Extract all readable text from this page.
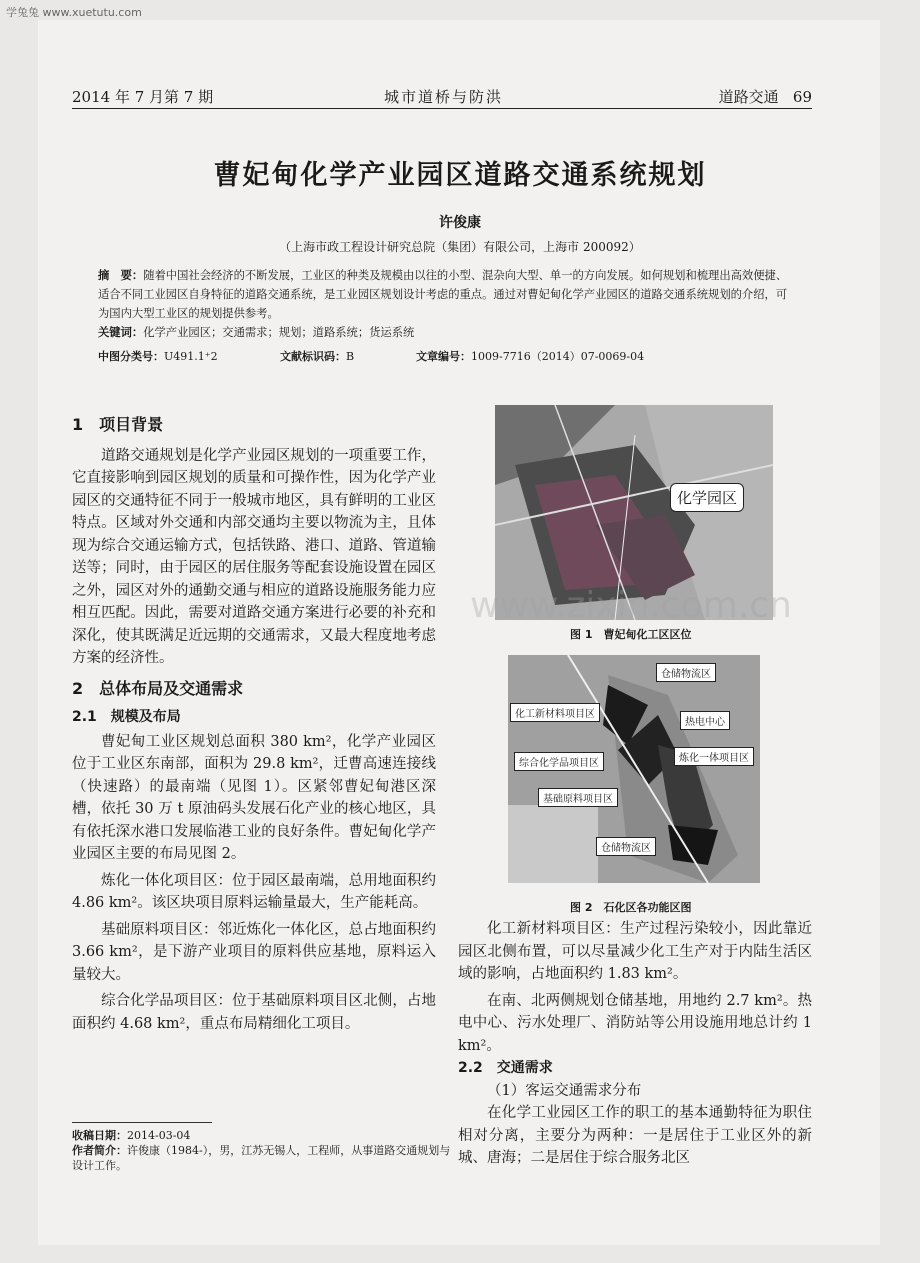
学兔兔 www.xuetutu.com
2014 年 7 月第 7 期	城市道桥与防洪	道路交通 69
曹妃甸化学产业园区道路交通系统规划
许俊康
（上海市政工程设计研究总院（集团）有限公司，上海市 200092）
摘　要：随着中国社会经济的不断发展，工业区的种类及规模由以往的小型、混杂向大型、单一的方向发展。如何规划和梳理出高效便捷、适合不同工业园区自身特征的道路交通系统，是工业园区规划设计考虑的重点。通过对曹妃甸化学产业园区的道路交通系统规划的介绍，可为国内大型工业区的规划提供参考。
关键词：化学产业园区；交通需求；规划；道路系统；货运系统
中图分类号：U491.1⁺2	文献标识码：B	文章编号：1009-7716（2014）07-0069-04
1　项目背景

道路交通规划是化学产业园区规划的一项重要工作，它直接影响到园区规划的质量和可操作性，因为化学产业园区的交通特征不同于一般城市地区，具有鲜明的工业区特点。区域对外交通和内部交通均主要以物流为主，且体现为综合交通运输方式，包括铁路、港口、道路、管道输送等；同时，由于园区的居住服务等配套设施设置在园区之外，园区对外的通勤交通与相应的道路设施服务能力应相互匹配。因此，需要对道路交通方案进行必要的补充和深化，使其既满足近远期的交通需求，又最大程度地考虑方案的经济性。

2　总体布局及交通需求
2.1　规模及布局

曹妃甸工业区规划总面积 380 km²，化学产业园区位于工业区东南部，面积为 29.8 km²，迁曹高速连接线（快速路）的最南端（见图 1）。区紧邻曹妃甸港区深槽，依托 30 万 t 原油码头发展石化产业的核心地区，具有依托深水港口发展临港工业的良好条件。曹妃甸化学产业园区主要的布局见图 2。

炼化一体化项目区：位于园区最南端，总用地面积约 4.86 km²。该区块项目原料运输量最大，生产能耗高。

基础原料项目区：邻近炼化一体化区，总占地面积约 3.66 km²，是下游产业项目的原料供应基地，原料运入量较大。

综合化学品项目区：位于基础原料项目区北侧，占地面积约 4.68 km²，重点布局精细化工项目。

化学园区
图 1　曹妃甸化工区区位
仓储物流区
化工新材料项目区
热电中心
综合化学品项目区	炼化一体项目区
基础原料项目区
仓储物流区
图 2　石化区各功能区图

化工新材料项目区：生产过程污染较小，因此靠近园区北侧布置，可以尽量减少化工生产对于内陆生活区域的影响，占地面积约 1.83 km²。

在南、北两侧规划仓储基地，用地约 2.7 km²。热电中心、污水处理厂、消防站等公用设施用地总计约 1 km²。

2.2　交通需求

（1）客运交通需求分布

在化学工业园区工作的职工的基本通勤特征为职住相对分离，主要分为两种：一是居住于工业区外的新城、唐海；二是居住于综合服务北区

收稿日期：2014-03-04
作者简介：许俊康（1984-），男，江苏无锡人，工程师，从事道路交通规划与设计工作。
www.zixin.com.cn
